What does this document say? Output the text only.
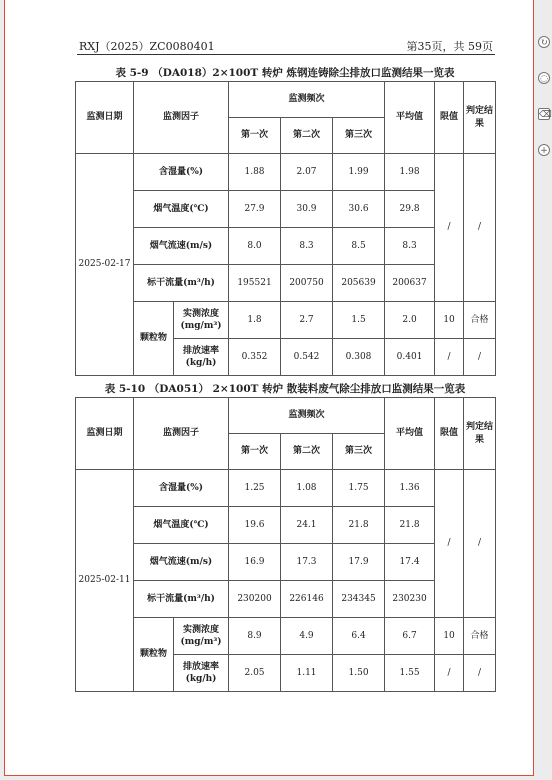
RXJ（2025）ZC0080401	第35页，共 59页
表 5-9 （DA018）2×100T 转炉 炼钢连铸除尘排放口监测结果一览表
监测日期	监测因子		监测频次			平均值	限值	判定结果
			第一次	第二次	第三次			
2025-02-17	含湿量(%)		1.88	2.07	1.99	1.98	/	/
	烟气温度(℃)		27.9	30.9	30.6	29.8		
	烟气流速(m/s)		8.0	8.3	8.5	8.3		
	标干流量(m³/h)		195521	200750	205639	200637		
	颗粒物	实测浓度(mg/m³)	1.8	2.7	1.5	2.0	10	合格
		排放速率(kg/h)	0.352	0.542	0.308	0.401	/	/
表 5-10 （DA051） 2×100T 转炉 散装料废气除尘排放口监测结果一览表
监测日期	监测因子		监测频次			平均值	限值	判定结果
			第一次	第二次	第三次			
2025-02-11	含湿量(%)		1.25	1.08	1.75	1.36	/	/
	烟气温度(℃)		19.6	24.1	21.8	21.8		
	烟气流速(m/s)		16.9	17.3	17.9	17.4		
	标干流量(m³/h)		230200	226146	234345	230230		
	颗粒物	实测浓度(mg/m³)	8.9	4.9	6.4	6.7	10	合格
		排放速率(kg/h)	2.05	1.11	1.50	1.55	/	/
↻
◌
⌫
+
